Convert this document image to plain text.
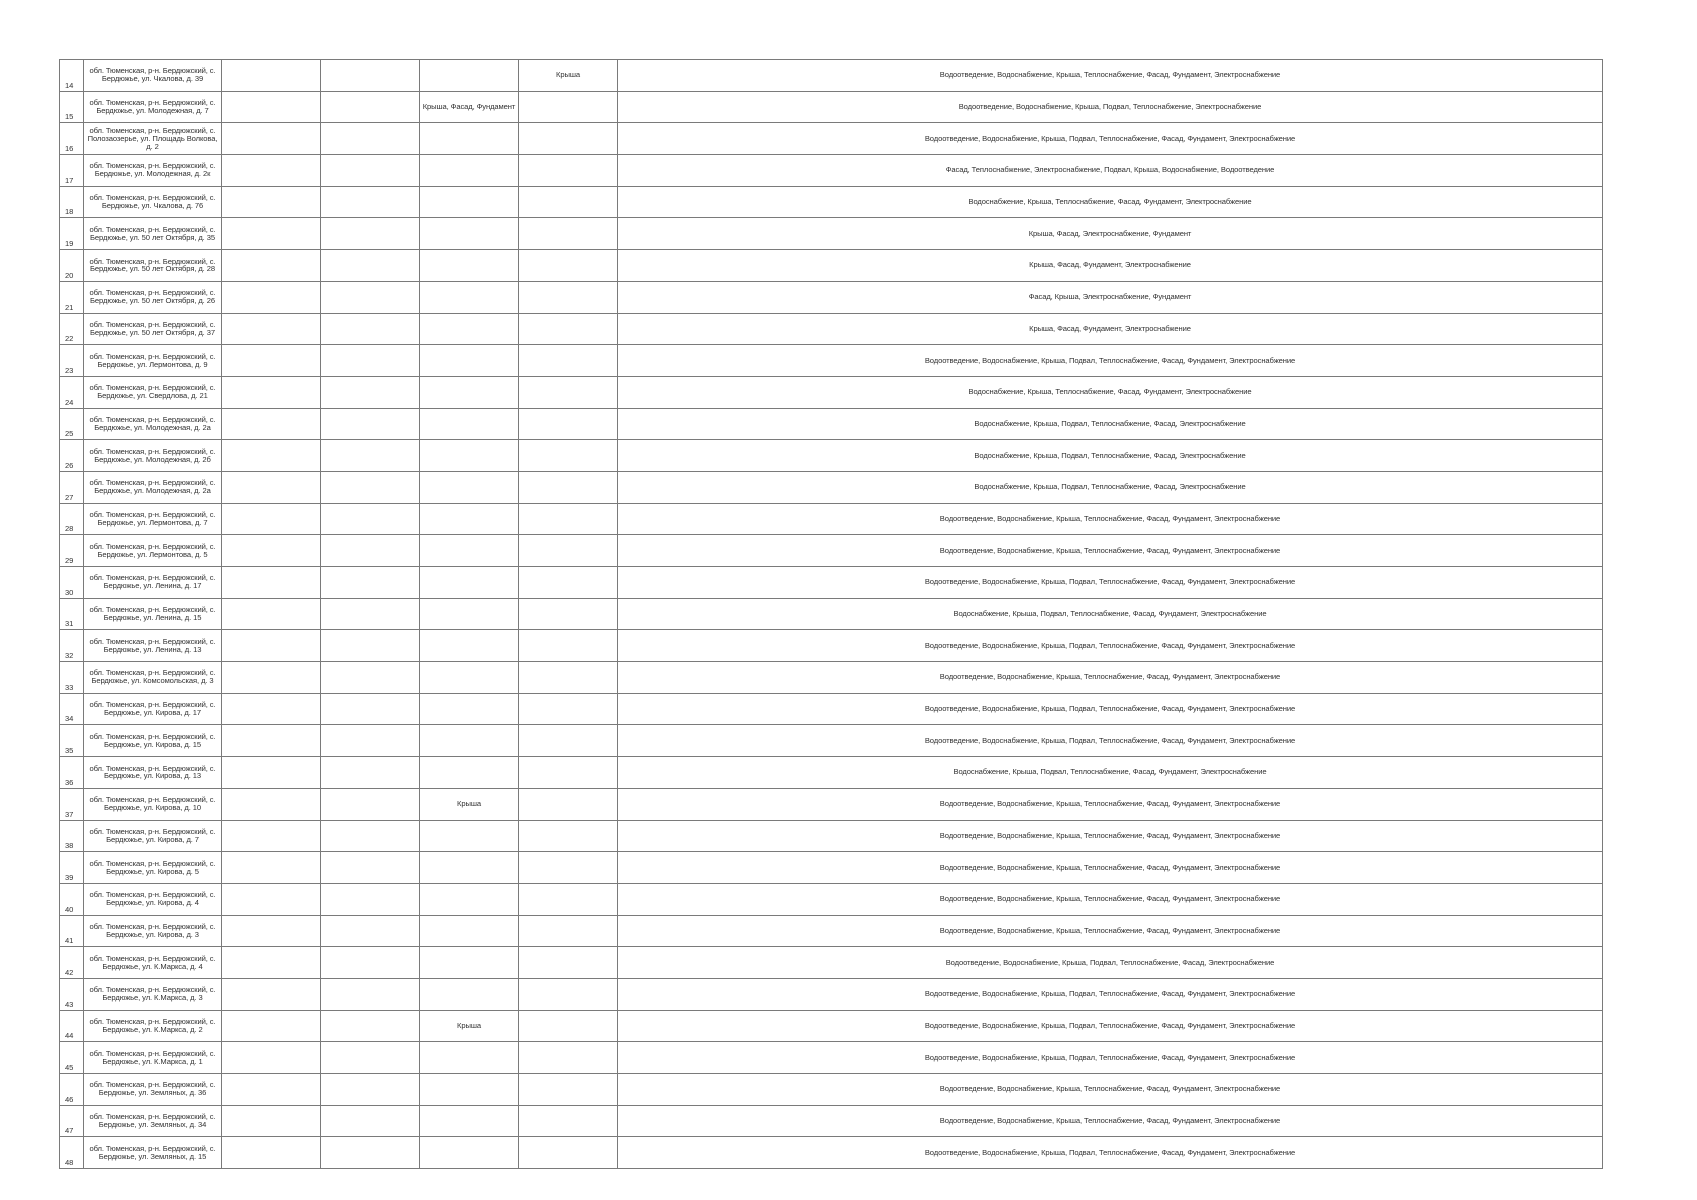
14	обл. Тюменская, р-н. Бердюжский, с. Бердюжье, ул. Чкалова, д. 39				Крыша	Водоотведение, Водоснабжение, Крыша, Теплоснабжение, Фасад, Фундамент, Электроснабжение
15	обл. Тюменская, р-н. Бердюжский, с. Бердюжье, ул. Молодежная, д. 7			Крыша, Фасад, Фундамент		Водоотведение, Водоснабжение, Крыша, Подвал, Теплоснабжение, Электроснабжение
16	обл. Тюменская, р-н. Бердюжский, с. Полозаозерье, ул. Площадь Волкова, д. 2					Водоотведение, Водоснабжение, Крыша, Подвал, Теплоснабжение, Фасад, Фундамент, Электроснабжение
17	обл. Тюменская, р-н. Бердюжский, с. Бердюжье, ул. Молодежная, д. 2к					Фасад, Теплоснабжение, Электроснабжение, Подвал, Крыша, Водоснабжение, Водоотведение
18	обл. Тюменская, р-н. Бердюжский, с. Бердюжье, ул. Чкалова, д. 76					Водоснабжение, Крыша, Теплоснабжение, Фасад, Фундамент, Электроснабжение
19	обл. Тюменская, р-н. Бердюжский, с. Бердюжье, ул. 50 лет Октября, д. 35					Крыша, Фасад, Электроснабжение, Фундамент
20	обл. Тюменская, р-н. Бердюжский, с. Бердюжье, ул. 50 лет Октября, д. 28					Крыша, Фасад, Фундамент, Электроснабжение
21	обл. Тюменская, р-н. Бердюжский, с. Бердюжье, ул. 50 лет Октября, д. 26					Фасад, Крыша, Электроснабжение, Фундамент
22	обл. Тюменская, р-н. Бердюжский, с. Бердюжье, ул. 50 лет Октября, д. 37					Крыша, Фасад, Фундамент, Электроснабжение
23	обл. Тюменская, р-н. Бердюжский, с. Бердюжье, ул. Лермонтова, д. 9					Водоотведение, Водоснабжение, Крыша, Подвал, Теплоснабжение, Фасад, Фундамент, Электроснабжение
24	обл. Тюменская, р-н. Бердюжский, с. Бердюжье, ул. Свердлова, д. 21					Водоснабжение, Крыша, Теплоснабжение, Фасад, Фундамент, Электроснабжение
25	обл. Тюменская, р-н. Бердюжский, с. Бердюжье, ул. Молодежная, д. 2а					Водоснабжение, Крыша, Подвал, Теплоснабжение, Фасад, Электроснабжение
26	обл. Тюменская, р-н. Бердюжский, с. Бердюжье, ул. Молодежная, д. 2б					Водоснабжение, Крыша, Подвал, Теплоснабжение, Фасад, Электроснабжение
27	обл. Тюменская, р-н. Бердюжский, с. Бердюжье, ул. Молодежная, д. 2а					Водоснабжение, Крыша, Подвал, Теплоснабжение, Фасад, Электроснабжение
28	обл. Тюменская, р-н. Бердюжский, с. Бердюжье, ул. Лермонтова, д. 7					Водоотведение, Водоснабжение, Крыша, Теплоснабжение, Фасад, Фундамент, Электроснабжение
29	обл. Тюменская, р-н. Бердюжский, с. Бердюжье, ул. Лермонтова, д. 5					Водоотведение, Водоснабжение, Крыша, Теплоснабжение, Фасад, Фундамент, Электроснабжение
30	обл. Тюменская, р-н. Бердюжский, с. Бердюжье, ул. Ленина, д. 17					Водоотведение, Водоснабжение, Крыша, Подвал, Теплоснабжение, Фасад, Фундамент, Электроснабжение
31	обл. Тюменская, р-н. Бердюжский, с. Бердюжье, ул. Ленина, д. 15					Водоснабжение, Крыша, Подвал, Теплоснабжение, Фасад, Фундамент, Электроснабжение
32	обл. Тюменская, р-н. Бердюжский, с. Бердюжье, ул. Ленина, д. 13					Водоотведение, Водоснабжение, Крыша, Подвал, Теплоснабжение, Фасад, Фундамент, Электроснабжение
33	обл. Тюменская, р-н. Бердюжский, с. Бердюжье, ул. Комсомольская, д. 3					Водоотведение, Водоснабжение, Крыша, Теплоснабжение, Фасад, Фундамент, Электроснабжение
34	обл. Тюменская, р-н. Бердюжский, с. Бердюжье, ул. Кирова, д. 17					Водоотведение, Водоснабжение, Крыша, Подвал, Теплоснабжение, Фасад, Фундамент, Электроснабжение
35	обл. Тюменская, р-н. Бердюжский, с. Бердюжье, ул. Кирова, д. 15					Водоотведение, Водоснабжение, Крыша, Подвал, Теплоснабжение, Фасад, Фундамент, Электроснабжение
36	обл. Тюменская, р-н. Бердюжский, с. Бердюжье, ул. Кирова, д. 13					Водоснабжение, Крыша, Подвал, Теплоснабжение, Фасад, Фундамент, Электроснабжение
37	обл. Тюменская, р-н. Бердюжский, с. Бердюжье, ул. Кирова, д. 10			Крыша		Водоотведение, Водоснабжение, Крыша, Теплоснабжение, Фасад, Фундамент, Электроснабжение
38	обл. Тюменская, р-н. Бердюжский, с. Бердюжье, ул. Кирова, д. 7					Водоотведение, Водоснабжение, Крыша, Теплоснабжение, Фасад, Фундамент, Электроснабжение
39	обл. Тюменская, р-н. Бердюжский, с. Бердюжье, ул. Кирова, д. 5					Водоотведение, Водоснабжение, Крыша, Теплоснабжение, Фасад, Фундамент, Электроснабжение
40	обл. Тюменская, р-н. Бердюжский, с. Бердюжье, ул. Кирова, д. 4					Водоотведение, Водоснабжение, Крыша, Теплоснабжение, Фасад, Фундамент, Электроснабжение
41	обл. Тюменская, р-н. Бердюжский, с. Бердюжье, ул. Кирова, д. 3					Водоотведение, Водоснабжение, Крыша, Теплоснабжение, Фасад, Фундамент, Электроснабжение
42	обл. Тюменская, р-н. Бердюжский, с. Бердюжье, ул. К.Маркса, д. 4					Водоотведение, Водоснабжение, Крыша, Подвал, Теплоснабжение, Фасад, Электроснабжение
43	обл. Тюменская, р-н. Бердюжский, с. Бердюжье, ул. К.Маркса, д. 3					Водоотведение, Водоснабжение, Крыша, Подвал, Теплоснабжение, Фасад, Фундамент, Электроснабжение
44	обл. Тюменская, р-н. Бердюжский, с. Бердюжье, ул. К.Маркса, д. 2			Крыша		Водоотведение, Водоснабжение, Крыша, Подвал, Теплоснабжение, Фасад, Фундамент, Электроснабжение
45	обл. Тюменская, р-н. Бердюжский, с. Бердюжье, ул. К.Маркса, д. 1					Водоотведение, Водоснабжение, Крыша, Подвал, Теплоснабжение, Фасад, Фундамент, Электроснабжение
46	обл. Тюменская, р-н. Бердюжский, с. Бердюжье, ул. Земляных, д. 36					Водоотведение, Водоснабжение, Крыша, Теплоснабжение, Фасад, Фундамент, Электроснабжение
47	обл. Тюменская, р-н. Бердюжский, с. Бердюжье, ул. Земляных, д. 34					Водоотведение, Водоснабжение, Крыша, Теплоснабжение, Фасад, Фундамент, Электроснабжение
48	обл. Тюменская, р-н. Бердюжский, с. Бердюжье, ул. Земляных, д. 15					Водоотведение, Водоснабжение, Крыша, Подвал, Теплоснабжение, Фасад, Фундамент, Электроснабжение
